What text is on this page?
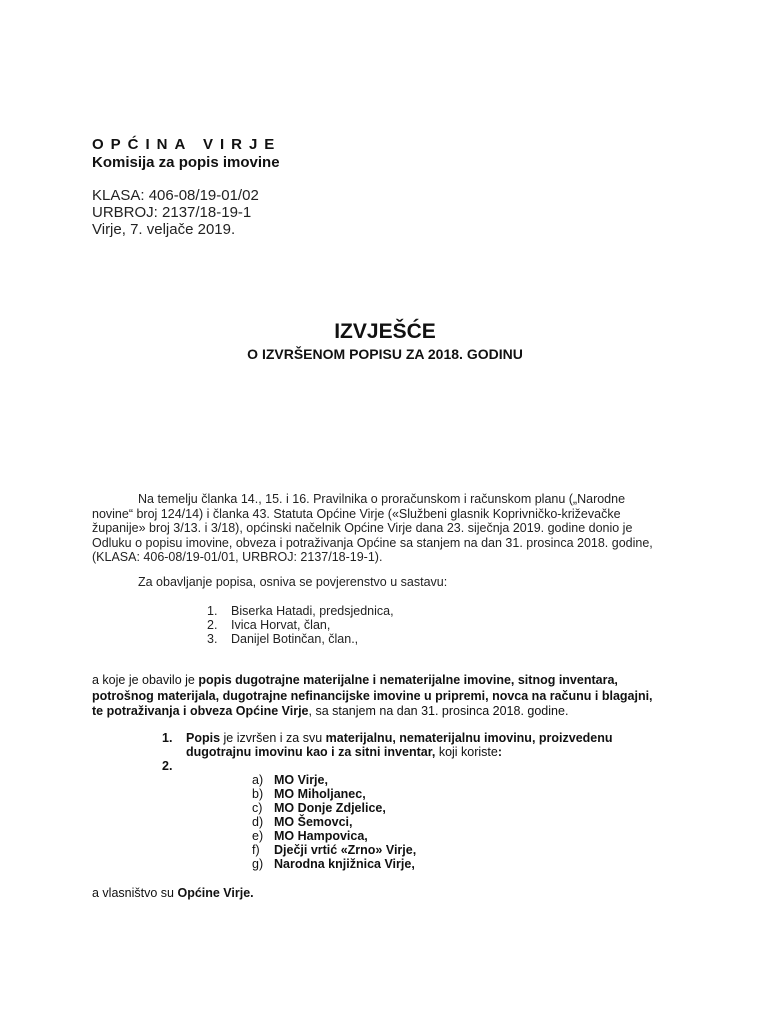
OPĆINA VIRJE
Komisija za popis imovine
KLASA: 406-08/19-01/02
URBROJ: 2137/18-19-1
Virje, 7. veljače 2019.
IZVJEŠĆE
O IZVRŠENOM POPISU ZA 2018. GODINU
Na temelju članka 14., 15. i 16. Pravilnika o proračunskom i računskom planu („Narodne
novine“ broj 124/14) i članka 43. Statuta Općine Virje («Službeni glasnik Koprivničko-križevačke
županije» broj 3/13. i 3/18), općinski načelnik Općine Virje dana 23. siječnja 2019. godine donio je
Odluku o popisu imovine, obveza i potraživanja Općine sa stanjem na dan 31. prosinca 2018. godine,
(KLASA: 406-08/19-01/01, URBROJ: 2137/18-19-1).
Za obavljanje popisa, osniva se povjerenstvo u sastavu:
1. Biserka Hatadi, predsjednica,
2. Ivica Horvat, član,
3. Danijel Botinčan, član.,
a koje je obavilo je popis dugotrajne materijalne i nematerijalne imovine, sitnog inventara,
potrošnog materijala, dugotrajne nefinancijske imovine u pripremi, novca na računu i blagajni,
te potraživanja i obveza Općine Virje, sa stanjem na dan 31. prosinca 2018. godine.
1. Popis je izvršen i za svu materijalnu, nematerijalnu imovinu, proizvedenu
dugotrajnu imovinu kao i za sitni inventar, koji koriste:
2.
a) MO Virje,
b) MO Miholjanec,
c) MO Donje Zdjelice,
d) MO Šemovci,
e) MO Hampovica,
f) Dječji vrtić «Zrno» Virje,
g) Narodna knjižnica Virje,
a vlasništvo su Općine Virje.
